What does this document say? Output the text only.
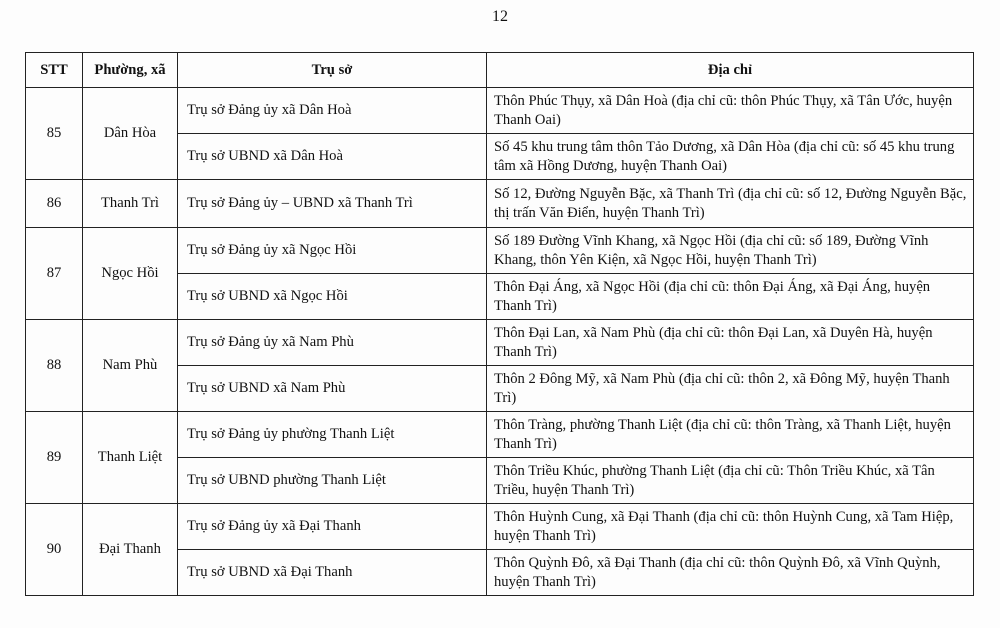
12
STT	Phường, xã	Trụ sở	Địa chỉ
85	Dân Hòa	Trụ sở Đảng ủy xã Dân Hoà	Thôn Phúc Thụy, xã Dân Hoà (địa chỉ cũ: thôn Phúc Thụy, xã Tân Ước, huyện Thanh Oai)
		Trụ sở UBND xã Dân Hoà	Số 45 khu trung tâm thôn Tảo Dương, xã Dân Hòa (địa chỉ cũ: số 45 khu trung tâm xã Hồng Dương, huyện Thanh Oai)
86	Thanh Trì	Trụ sở Đảng ủy – UBND xã Thanh Trì	Số 12, Đường Nguyễn Bặc, xã Thanh Trì (địa chỉ cũ: số 12, Đường Nguyễn Bặc, thị trấn Văn Điển, huyện Thanh Trì)
87	Ngọc Hồi	Trụ sở Đảng ủy xã Ngọc Hồi	Số 189 Đường Vĩnh Khang, xã Ngọc Hồi (địa chỉ cũ: số 189, Đường Vĩnh Khang, thôn Yên Kiện, xã Ngọc Hồi, huyện Thanh Trì)
		Trụ sở UBND xã Ngọc Hồi	Thôn Đại Áng, xã Ngọc Hồi (địa chỉ cũ: thôn Đại Áng, xã Đại Áng, huyện Thanh Trì)
88	Nam Phù	Trụ sở Đảng ủy xã Nam Phù	Thôn Đại Lan, xã Nam Phù (địa chỉ cũ: thôn Đại Lan, xã Duyên Hà, huyện Thanh Trì)
		Trụ sở UBND xã Nam Phù	Thôn 2 Đông Mỹ, xã Nam Phù (địa chỉ cũ: thôn 2, xã Đông Mỹ, huyện Thanh Trì)
89	Thanh Liệt	Trụ sở Đảng ủy phường Thanh Liệt	Thôn Tràng, phường Thanh Liệt (địa chỉ cũ: thôn Tràng, xã Thanh Liệt, huyện Thanh Trì)
		Trụ sở UBND phường Thanh Liệt	Thôn Triều Khúc, phường Thanh Liệt (địa chỉ cũ: Thôn Triều Khúc, xã Tân Triều, huyện Thanh Trì)
90	Đại Thanh	Trụ sở Đảng ủy xã Đại Thanh	Thôn Huỳnh Cung, xã Đại Thanh (địa chỉ cũ: thôn Huỳnh Cung, xã Tam Hiệp, huyện Thanh Trì)
		Trụ sở UBND xã Đại Thanh	Thôn Quỳnh Đô, xã Đại Thanh (địa chỉ cũ: thôn Quỳnh Đô, xã Vĩnh Quỳnh, huyện Thanh Trì)
